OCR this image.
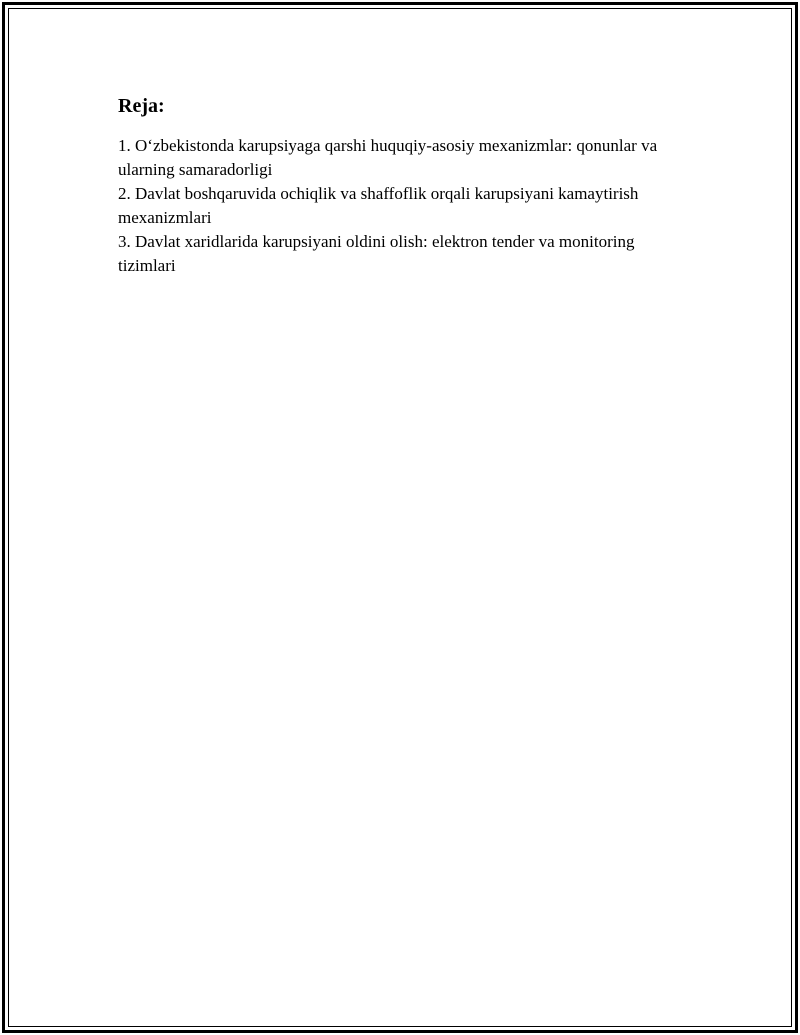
Reja:
1. O‘zbekistonda karupsiyaga qarshi huquqiy-asosiy mexanizmlar: qonunlar va ularning samaradorligi
2. Davlat boshqaruvida ochiqlik va shaffoflik orqali karupsiyani kamaytirish mexanizmlari
3. Davlat xaridlarida karupsiyani oldini olish: elektron tender va monitoring tizimlari
